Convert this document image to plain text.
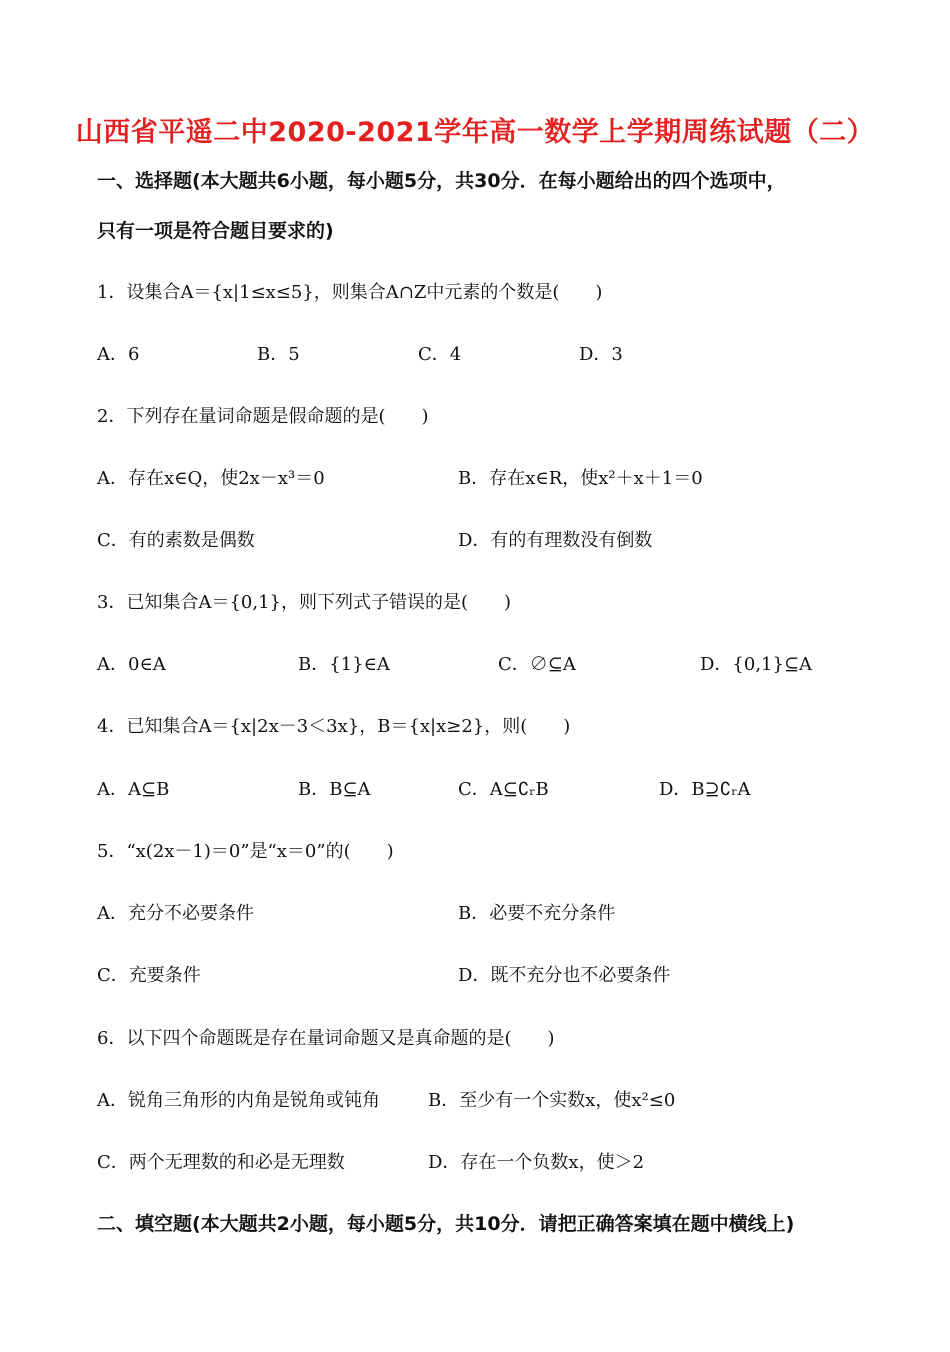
山西省平遥二中2020-2021学年高一数学上学期周练试题（二）
一、选择题(本大题共6小题，每小题5分，共30分．在每小题给出的四个选项中，
只有一项是符合题目要求的)
1．设集合A＝{x|1≤x≤5}，则集合A∩Z中元素的个数是(　　)
A．6	B．5	C．4	D．3
2．下列存在量词命题是假命题的是(　　)
A．存在x∈Q，使2x－x³＝0	B．存在x∈R，使x²＋x＋1＝0
C．有的素数是偶数	D．有的有理数没有倒数
3．已知集合A＝{0,1}，则下列式子错误的是(　　)
A．0∈A	B．{1}∈A	C．∅⊆A	D．{0,1}⊆A
4．已知集合A＝{x|2x－3＜3x}，B＝{x|x≥2}，则(　　)
A．A⊆B	B．B⊆A	C．A⊆∁ᵣB	D．B⊇∁ᵣA
5．“x(2x－1)＝0”是“x＝0”的(　　)
A．充分不必要条件	B．必要不充分条件
C．充要条件	D．既不充分也不必要条件
6．以下四个命题既是存在量词命题又是真命题的是(　　)
A．锐角三角形的内角是锐角或钝角	B．至少有一个实数x，使x²≤0
C．两个无理数的和必是无理数	D．存在一个负数x，使＞2
二、填空题(本大题共2小题，每小题5分，共10分．请把正确答案填在题中横线上)
